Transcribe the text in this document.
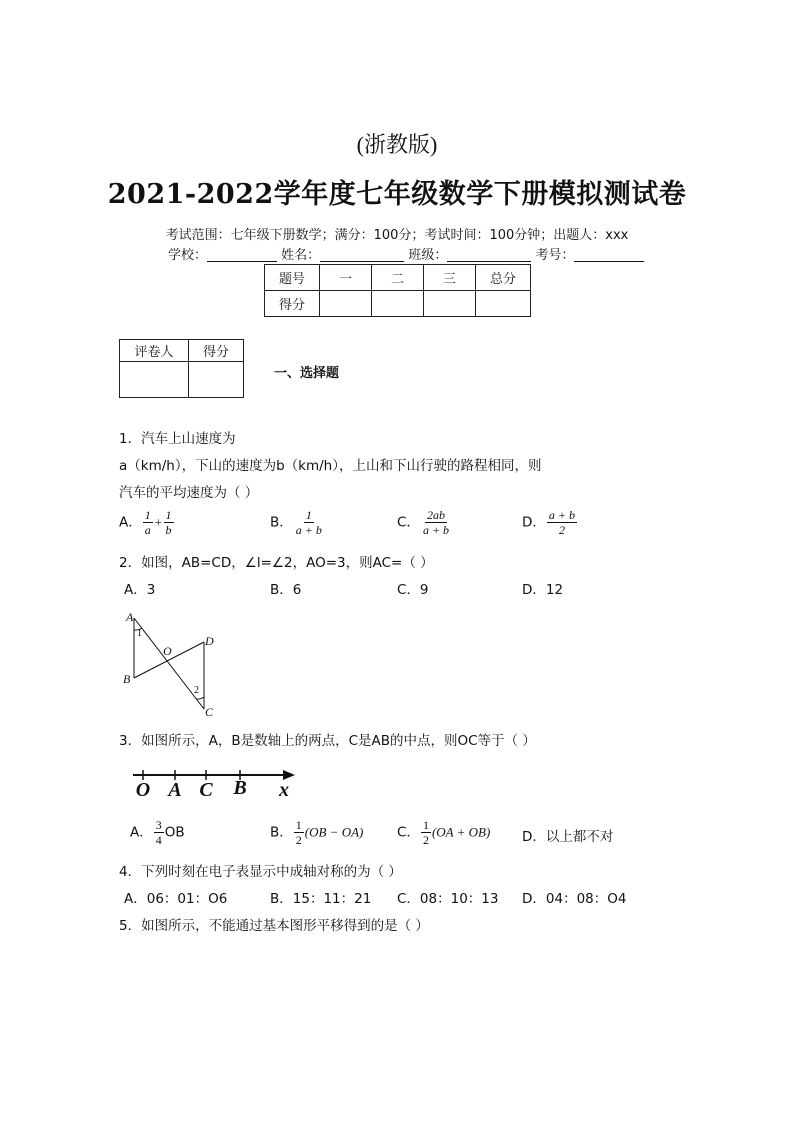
(浙教版)
2021-2022学年度七年级数学下册模拟测试卷
考试范围：七年级下册数学；满分：100分；考试时间：100分钟；出题人：xxx
学校：	姓名：	班级：	考号：
题号	一	二	三	总分
得分				
评卷人	得分

一、选择题
1．汽车上山速度为
a（km/h），下山的速度为b（km/h），上山和下山行驶的路程相同，则
汽车的平均速度为（ ）
A． $\frac{1}{a} + \frac{1}{b}$	B． $\frac{1}{a + b}$	C． $\frac{2ab}{a + b}$	D． $\frac{a + b}{2}$
2．如图，AB=CD，∠l=∠2，AO=3，则AC=（ ）
A．3	B．6	C．9	D．12
A
B
O
D
C
1
2
3．如图所示，A，B是数轴上的两点，C是AB的中点，则OC等于（ ）
O A C B x
A． $\frac{3}{4}$ OB	B． $\frac{1}{2} (OB - OA)$ C． $\frac{1}{2} (OA + OB)$ D．以上都不对
4．下列时刻在电子表显示中成轴对称的为（ ）
A．06：01：O6	B．15：11：21 C．08：10：13 D．04：08：O4
5．如图所示，不能通过基本图形平移得到的是（ ）
